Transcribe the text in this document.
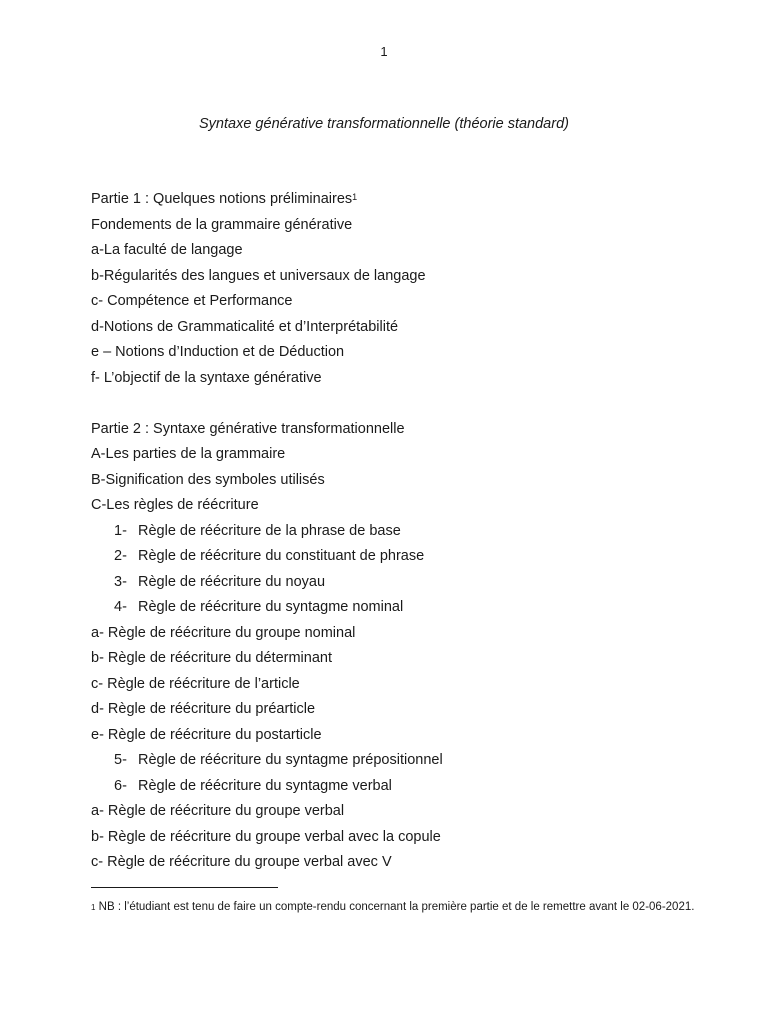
1
Syntaxe générative transformationnelle (théorie standard)
Partie 1 : Quelques notions préliminaires$^1$
Fondements de la grammaire générative
a-La faculté de langage
b-Régularités des langues et universaux de langage
c- Compétence et Performance
d-Notions de Grammaticalité et d’Interprétabilité
e – Notions d’Induction et de Déduction
f- L’objectif de la syntaxe générative
Partie 2 : Syntaxe générative transformationnelle
A-Les parties de la grammaire
B-Signification des symboles utilisés
C-Les règles de réécriture
1- Règle de réécriture de la phrase de base
2- Règle de réécriture du constituant de phrase
3- Règle de réécriture du noyau
4- Règle de réécriture du syntagme nominal
a- Règle de réécriture du groupe nominal
b- Règle de réécriture du déterminant
c- Règle de réécriture de l’article
d- Règle de réécriture du préarticle
e- Règle de réécriture du postarticle
5- Règle de réécriture du syntagme prépositionnel
6- Règle de réécriture du syntagme verbal
a- Règle de réécriture du groupe verbal
b- Règle de réécriture du groupe verbal avec la copule
c- Règle de réécriture du groupe verbal avec V
$^1$ NB : l’étudiant est tenu de faire un compte-rendu concernant la première partie et de le remettre avant le 02-06-2021.
